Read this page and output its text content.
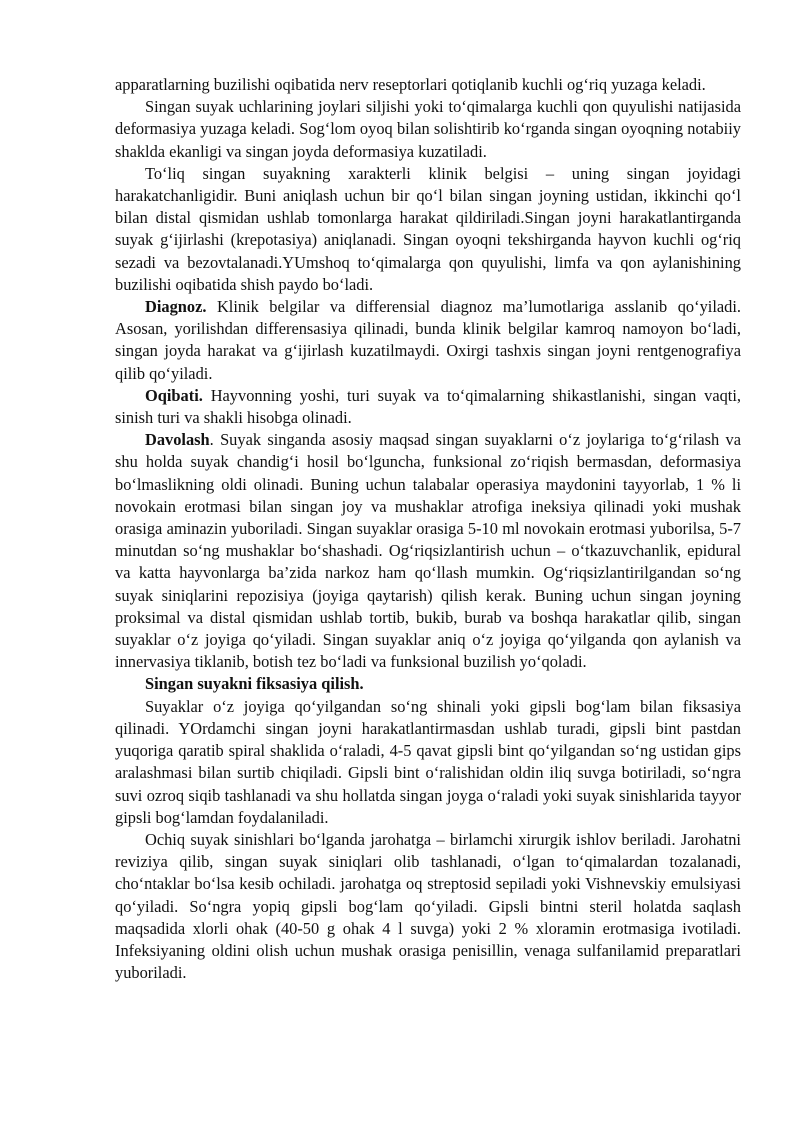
apparatlarning buzilishi oqibatida nerv reseptorlari qotiqlanib kuchli og‘riq yuzaga keladi.

Singan suyak uchlarining joylari siljishi yoki to‘qimalarga kuchli qon quyulishi natijasida deformasiya yuzaga keladi. Sog‘lom oyoq bilan solishtirib ko‘rganda singan oyoqning notabiiy shaklda ekanligi va singan joyda deformasiya kuzatiladi.

To‘liq singan suyakning xarakterli klinik belgisi – uning singan joyidagi harakatchanligidir. Buni aniqlash uchun bir qo‘l bilan singan joyning ustidan, ikkinchi qo‘l bilan distal qismidan ushlab tomonlarga harakat qildiriladi.Singan joyni harakatlantirganda suyak g‘ijirlashi (krepotasiya) aniqlanadi. Singan oyoqni tekshirganda hayvon kuchli og‘riq sezadi va bezovtalanadi.YUmshoq to‘qimalarga qon quyulishi, limfa va qon aylanishining buzilishi oqibatida shish paydo bo‘ladi.

Diagnoz. Klinik belgilar va differensial diagnoz ma’lumotlariga asslanib qo‘yiladi. Asosan, yorilishdan differensasiya qilinadi, bunda klinik belgilar kamroq namoyon bo‘ladi, singan joyda harakat va g‘ijirlash kuzatilmaydi. Oxirgi tashxis singan joyni rentgenografiya qilib qo‘yiladi.

Oqibati. Hayvonning yoshi, turi suyak va to‘qimalarning shikastlanishi, singan vaqti, sinish turi va shakli hisobga olinadi.

Davolash. Suyak singanda asosiy maqsad singan suyaklarni o‘z joylariga to‘g‘rilash va shu holda suyak chandig‘i hosil bo‘lguncha, funksional zo‘riqish bermasdan, deformasiya bo‘lmaslikning oldi olinadi. Buning uchun talabalar operasiya maydonini tayyorlab, 1 % li novokain erotmasi bilan singan joy va mushaklar atrofiga ineksiya qilinadi yoki mushak orasiga aminazin yuboriladi. Singan suyaklar orasiga 5-10 ml novokain erotmasi yuborilsa, 5-7 minutdan so‘ng mushaklar bo‘shashadi. Og‘riqsizlantirish uchun – o‘tkazuvchanlik, epidural va katta hayvonlarga ba’zida narkoz ham qo‘llash mumkin. Og‘riqsizlantirilgandan so‘ng suyak siniqlarini repozisiya (joyiga qaytarish) qilish kerak. Buning uchun singan joyning proksimal va distal qismidan ushlab tortib, bukib, burab va boshqa harakatlar qilib, singan suyaklar o‘z joyiga qo‘yiladi. Singan suyaklar aniq o‘z joyiga qo‘yilganda qon aylanish va innervasiya tiklanib, botish tez bo‘ladi va funksional buzilish yo‘qoladi.

Singan suyakni fiksasiya qilish.

Suyaklar o‘z joyiga qo‘yilgandan so‘ng shinali yoki gipsli bog‘lam bilan fiksasiya qilinadi. YOrdamchi singan joyni harakatlantirmasdan ushlab turadi, gipsli bint pastdan yuqoriga qaratib spiral shaklida o‘raladi, 4-5 qavat gipsli bint qo‘yilgandan so‘ng ustidan gips aralashmasi bilan surtib chiqiladi. Gipsli bint o‘ralishidan oldin iliq suvga botiriladi, so‘ngra suvi ozroq siqib tashlanadi va shu hollatda singan joyga o‘raladi yoki suyak sinishlarida tayyor gipsli bog‘lamdan foydalaniladi.

Ochiq suyak sinishlari bo‘lganda jarohatga – birlamchi xirurgik ishlov beriladi. Jarohatni reviziya qilib, singan suyak siniqlari olib tashlanadi, o‘lgan to‘qimalardan tozalanadi, cho‘ntaklar bo‘lsa kesib ochiladi. jarohatga oq streptosid sepiladi yoki Vishnevskiy emulsiyasi qo‘yiladi. So‘ngra yopiq gipsli bog‘lam qo‘yiladi. Gipsli bintni steril holatda saqlash maqsadida xlorli ohak (40-50 g ohak 4 l suvga) yoki 2 % xloramin erotmasiga ivotiladi. Infeksiyaning oldini olish uchun mushak orasiga penisillin, venaga sulfanilamid preparatlari yuboriladi.
